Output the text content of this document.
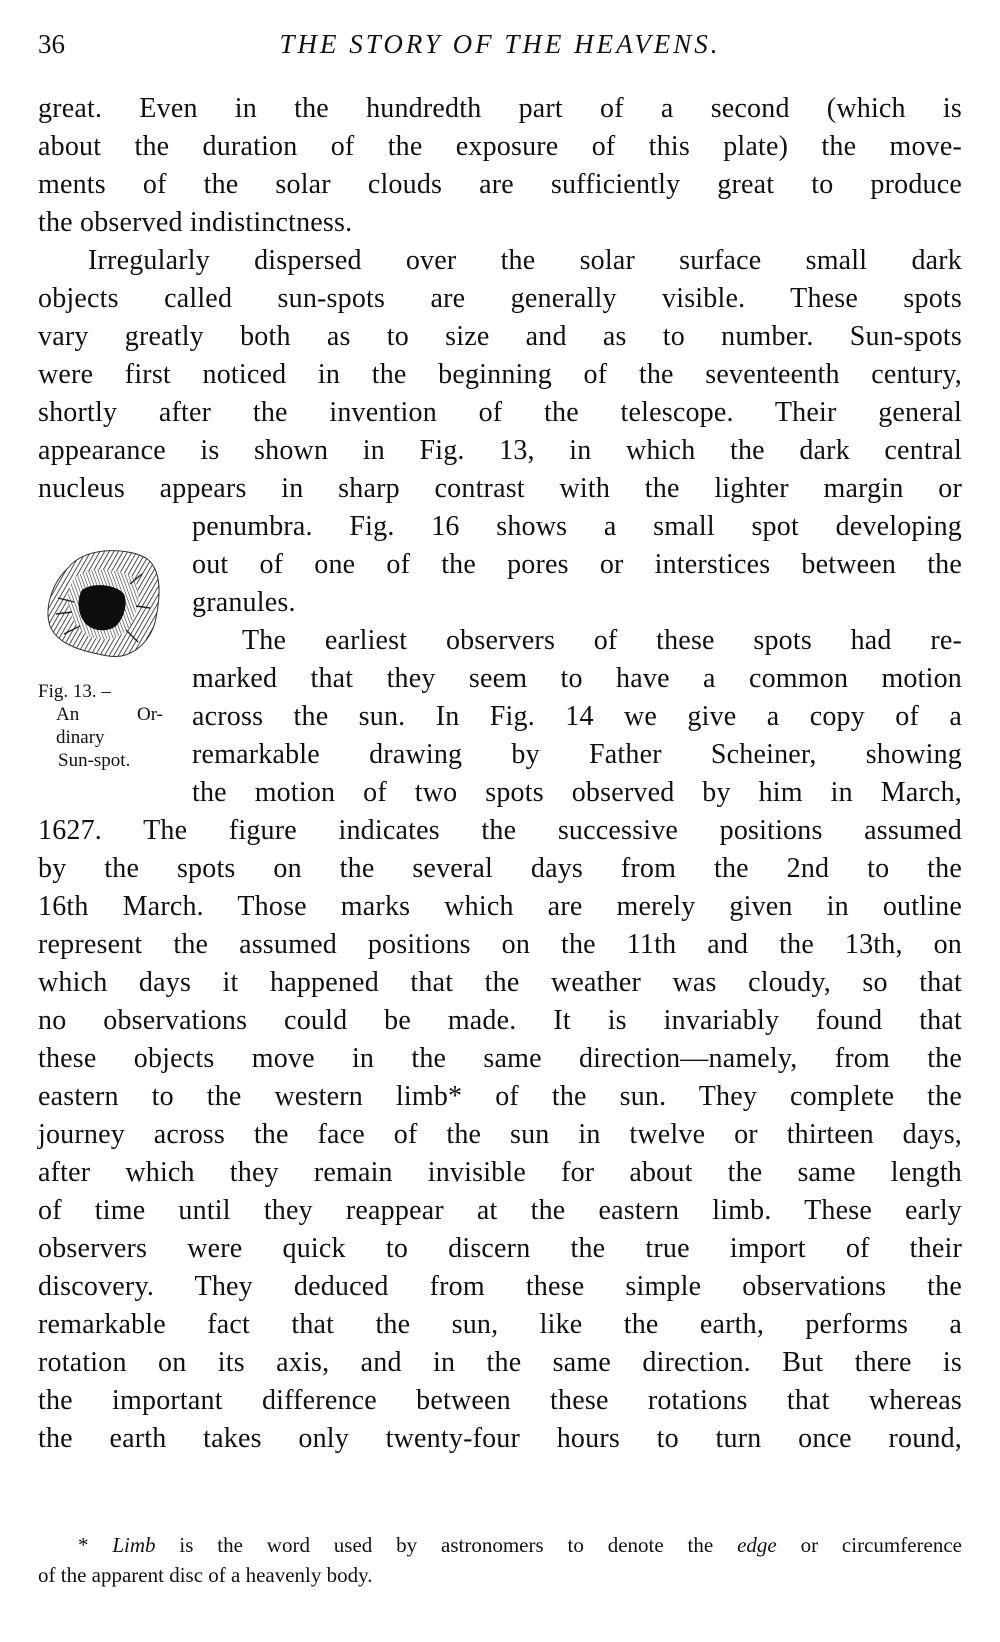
36	THE STORY OF THE HEAVENS.
great. Even in the hundredth part of a second (which is
about the duration of the exposure of this plate) the move-
ments of the solar clouds are sufficiently great to produce
the observed indistinctness.
Irregularly dispersed over the solar surface small dark
objects called sun-spots are generally visible. These spots
vary greatly both as to size and as to number. Sun-spots
were first noticed in the beginning of the seventeenth century,
shortly after the invention of the telescope. Their general
appearance is shown in Fig. 13, in which the dark central
nucleus appears in sharp contrast with the lighter margin or
Fig. 13. –
An Or-
dinary
Sun-spot.
penumbra. Fig. 16 shows a small spot developing
out of one of the pores or interstices between the
granules.
The earliest observers of these spots had re-
marked that they seem to have a common motion
across the sun. In Fig. 14 we give a copy of a
remarkable drawing by Father Scheiner, showing
the motion of two spots observed by him in March,
1627. The figure indicates the successive positions assumed
by the spots on the several days from the 2nd to the
16th March. Those marks which are merely given in outline
represent the assumed positions on the 11th and the 13th, on
which days it happened that the weather was cloudy, so that
no observations could be made. It is invariably found that
these objects move in the same direction—namely, from the
eastern to the western limb* of the sun. They complete the
journey across the face of the sun in twelve or thirteen days,
after which they remain invisible for about the same length
of time until they reappear at the eastern limb. These early
observers were quick to discern the true import of their
discovery. They deduced from these simple observations the
remarkable fact that the sun, like the earth, performs a
rotation on its axis, and in the same direction. But there is
the important difference between these rotations that whereas
the earth takes only twenty-four hours to turn once round,
* Limb is the word used by astronomers to denote the edge or circumference
of the apparent disc of a heavenly body.
